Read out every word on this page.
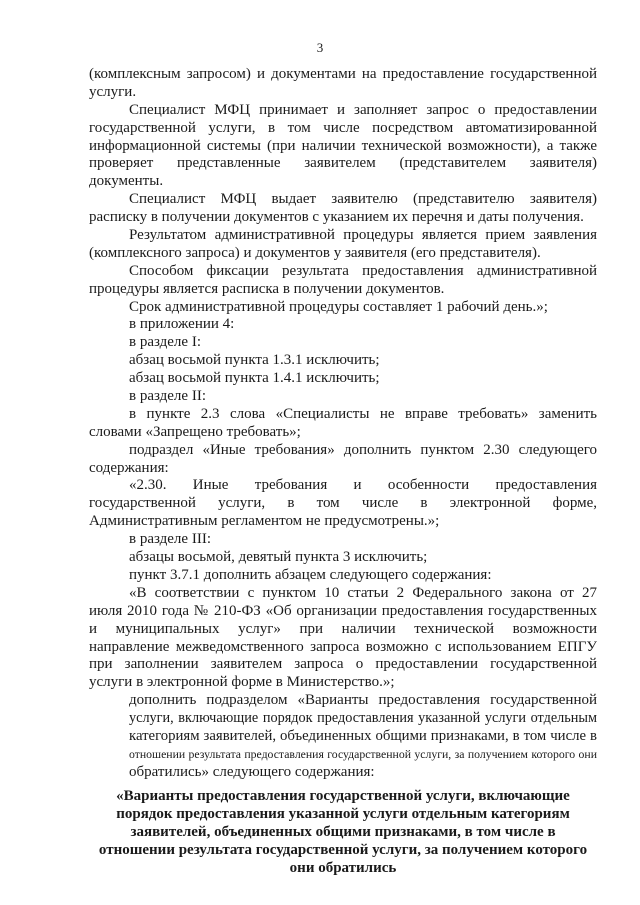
3
(комплексным запросом) и документами на предоставление государственной
услуги.
Специалист МФЦ принимает и заполняет запрос о предоставлении
государственной услуги, в том числе посредством автоматизированной
информационной системы (при наличии технической возможности), а также
проверяет представленные заявителем (представителем заявителя)
документы.
Специалист МФЦ выдает заявителю (представителю заявителя)
расписку в получении документов с указанием их перечня и даты получения.
Результатом административной процедуры является прием заявления
(комплексного запроса) и документов у заявителя (его представителя).
Способом фиксации результата предоставления административной
процедуры является расписка в получении документов.
Срок административной процедуры составляет 1 рабочий день.»;
в приложении 4:
в разделе I:
абзац восьмой пункта 1.3.1 исключить;
абзац восьмой пункта 1.4.1 исключить;
в разделе II:
в пункте 2.3 слова «Специалисты не вправе требовать» заменить
словами «Запрещено требовать»;
подраздел «Иные требования» дополнить пунктом 2.30 следующего
содержания:
«2.30. Иные требования и особенности предоставления
государственной услуги, в том числе в электронной форме,
Административным регламентом не предусмотрены.»;
в разделе III:
абзацы восьмой, девятый пункта 3 исключить;
пункт 3.7.1 дополнить абзацем следующего содержания:
«В соответствии с пунктом 10 статьи 2 Федерального закона от 27
июля 2010 года № 210-ФЗ «Об организации предоставления государственных
и муниципальных услуг» при наличии технической возможности
направление межведомственного запроса возможно с использованием ЕПГУ
при заполнении заявителем запроса о предоставлении государственной
услуги в электронной форме в Министерство.»;
дополнить подразделом «Варианты предоставления государственной
услуги, включающие порядок предоставления указанной услуги отдельным
категориям заявителей, объединенных общими признаками, в том числе в
отношении результата предоставления государственной услуги, за получением которого они
обратились» следующего содержания:
«Варианты предоставления государственной услуги, включающие
порядок предоставления указанной услуги отдельным категориям
заявителей, объединенных общими признаками, в том числе в
отношении результата государственной услуги, за получением которого
они обратились
